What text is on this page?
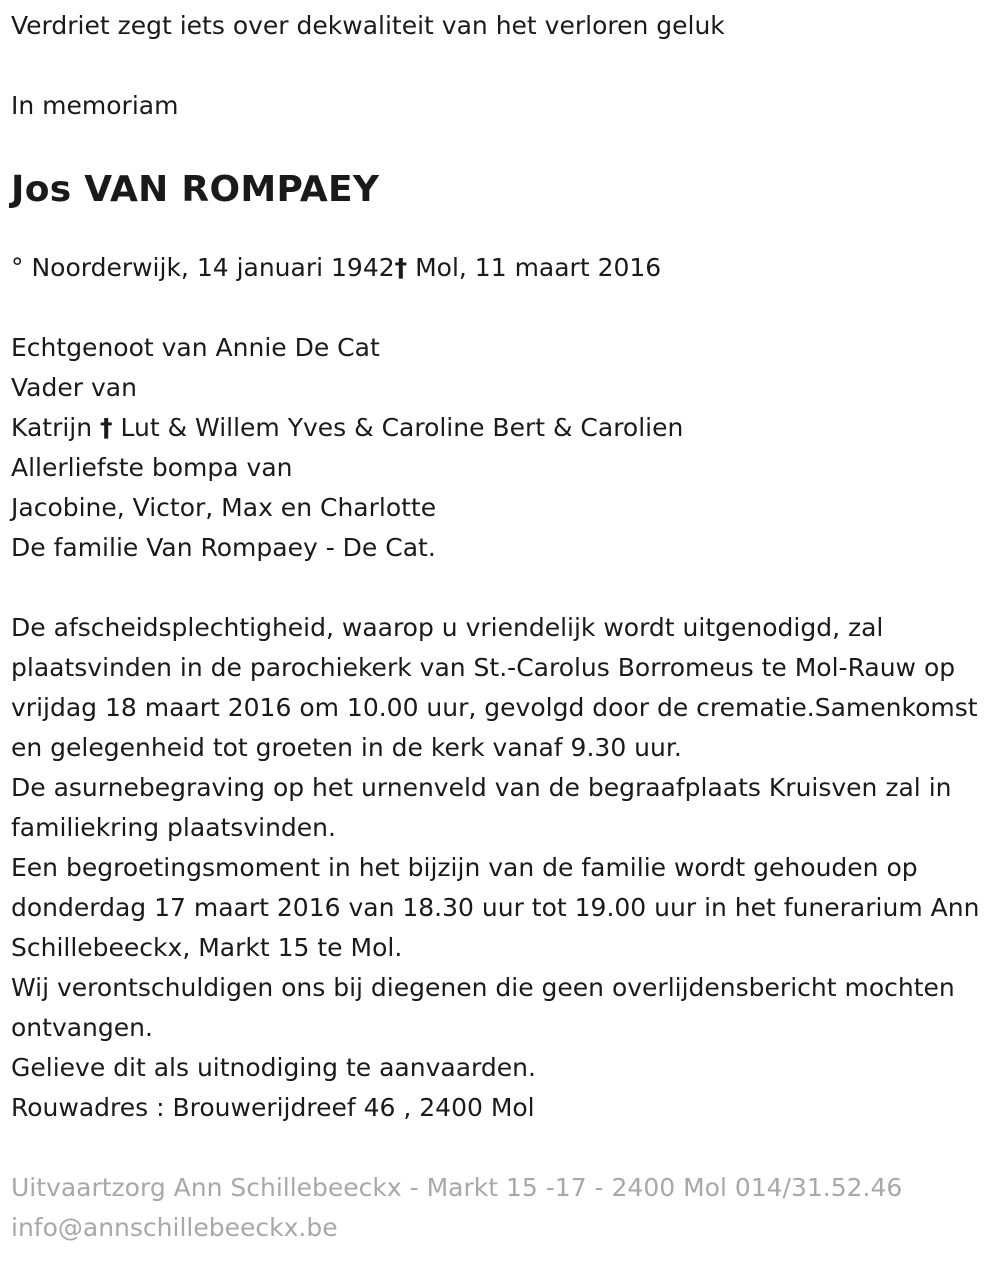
Verdriet zegt iets over dekwaliteit van het verloren geluk

In memoriam

Jos VAN ROMPAEY

° Noorderwijk, 14 januari 1942† Mol, 11 maart 2016

Echtgenoot van Annie De Cat

Vader van

Katrijn † Lut & Willem Yves & Caroline Bert & Carolien

Allerliefste bompa van

Jacobine, Victor, Max en Charlotte

De familie Van Rompaey - De Cat.

De afscheidsplechtigheid, waarop u vriendelijk wordt uitgenodigd, zal plaatsvinden in de parochiekerk van St.-Carolus Borromeus te Mol-Rauw op vrijdag 18 maart 2016 om 10.00 uur, gevolgd door de crematie.Samenkomst en gelegenheid tot groeten in de kerk vanaf 9.30 uur.

De asurnebegraving op het urnenveld van de begraafplaats Kruisven zal in familiekring plaatsvinden.

Een begroetingsmoment in het bijzijn van de familie wordt gehouden op donderdag 17 maart 2016 van 18.30 uur tot 19.00 uur in het funerarium Ann Schillebeeckx, Markt 15 te Mol.

Wij verontschuldigen ons bij diegenen die geen overlijdensbericht mochten ontvangen.

Gelieve dit als uitnodiging te aanvaarden.

Rouwadres : Brouwerijdreef 46 , 2400 Mol

Uitvaartzorg Ann Schillebeeckx - Markt 15 -17 - 2400 Mol 014/31.52.46

info@annschillebeeckx.be
